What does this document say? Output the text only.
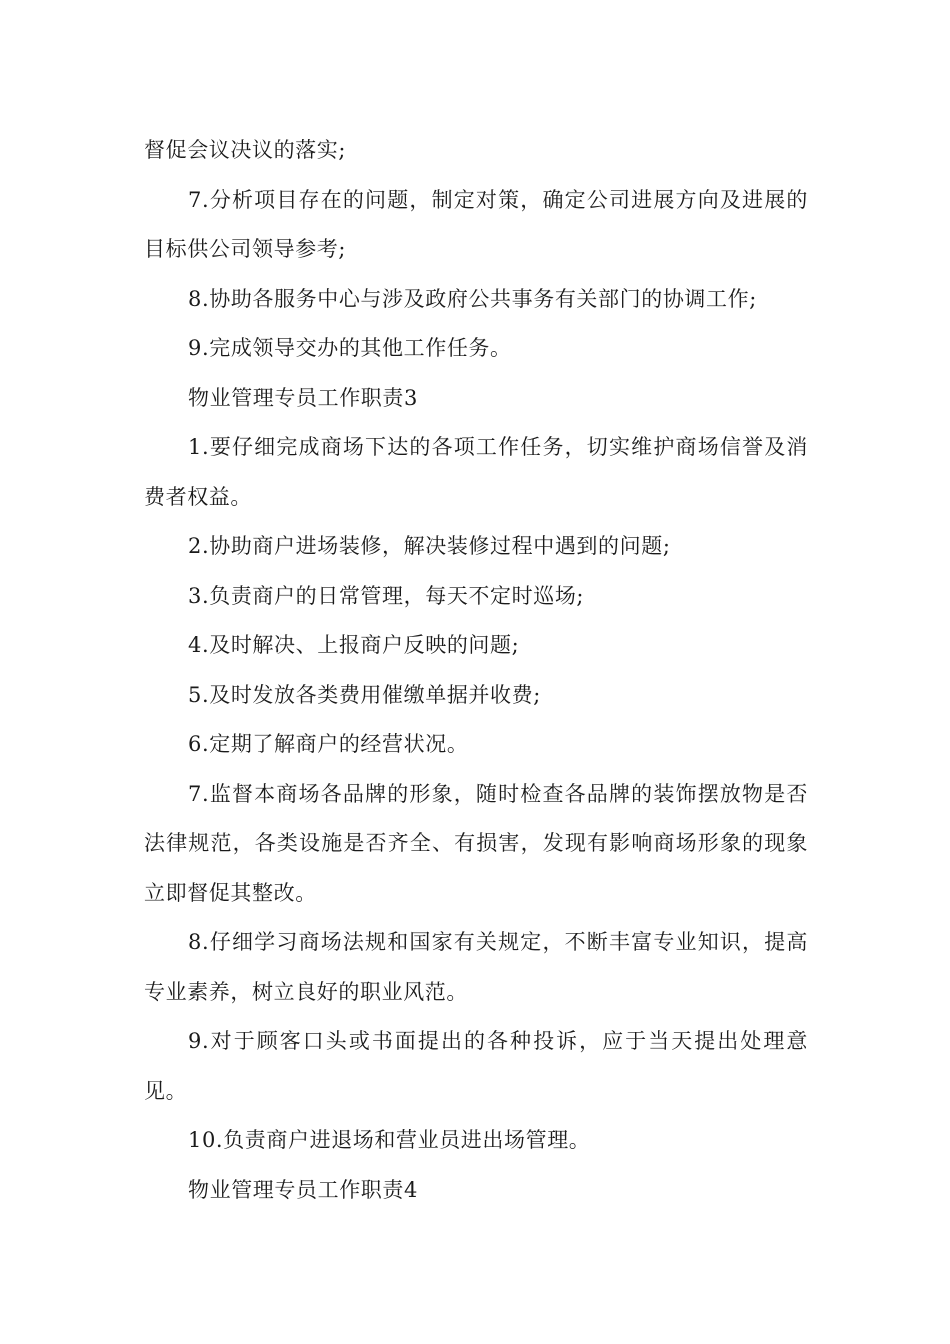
督促会议决议的落实;

7.分析项目存在的问题，制定对策，确定公司进展方向及进展的目标供公司领导参考;

8.协助各服务中心与涉及政府公共事务有关部门的协调工作;

9.完成领导交办的其他工作任务。

物业管理专员工作职责3

1.要仔细完成商场下达的各项工作任务，切实维护商场信誉及消费者权益。

2.协助商户进场装修，解决装修过程中遇到的问题;

3.负责商户的日常管理，每天不定时巡场;

4.及时解决、上报商户反映的问题;

5.及时发放各类费用催缴单据并收费;

6.定期了解商户的经营状况。

7.监督本商场各品牌的形象，随时检查各品牌的装饰摆放物是否法律规范，各类设施是否齐全、有损害，发现有影响商场形象的现象立即督促其整改。

8.仔细学习商场法规和国家有关规定，不断丰富专业知识，提高专业素养，树立良好的职业风范。

9.对于顾客口头或书面提出的各种投诉，应于当天提出处理意见。

10.负责商户进退场和营业员进出场管理。

物业管理专员工作职责4
